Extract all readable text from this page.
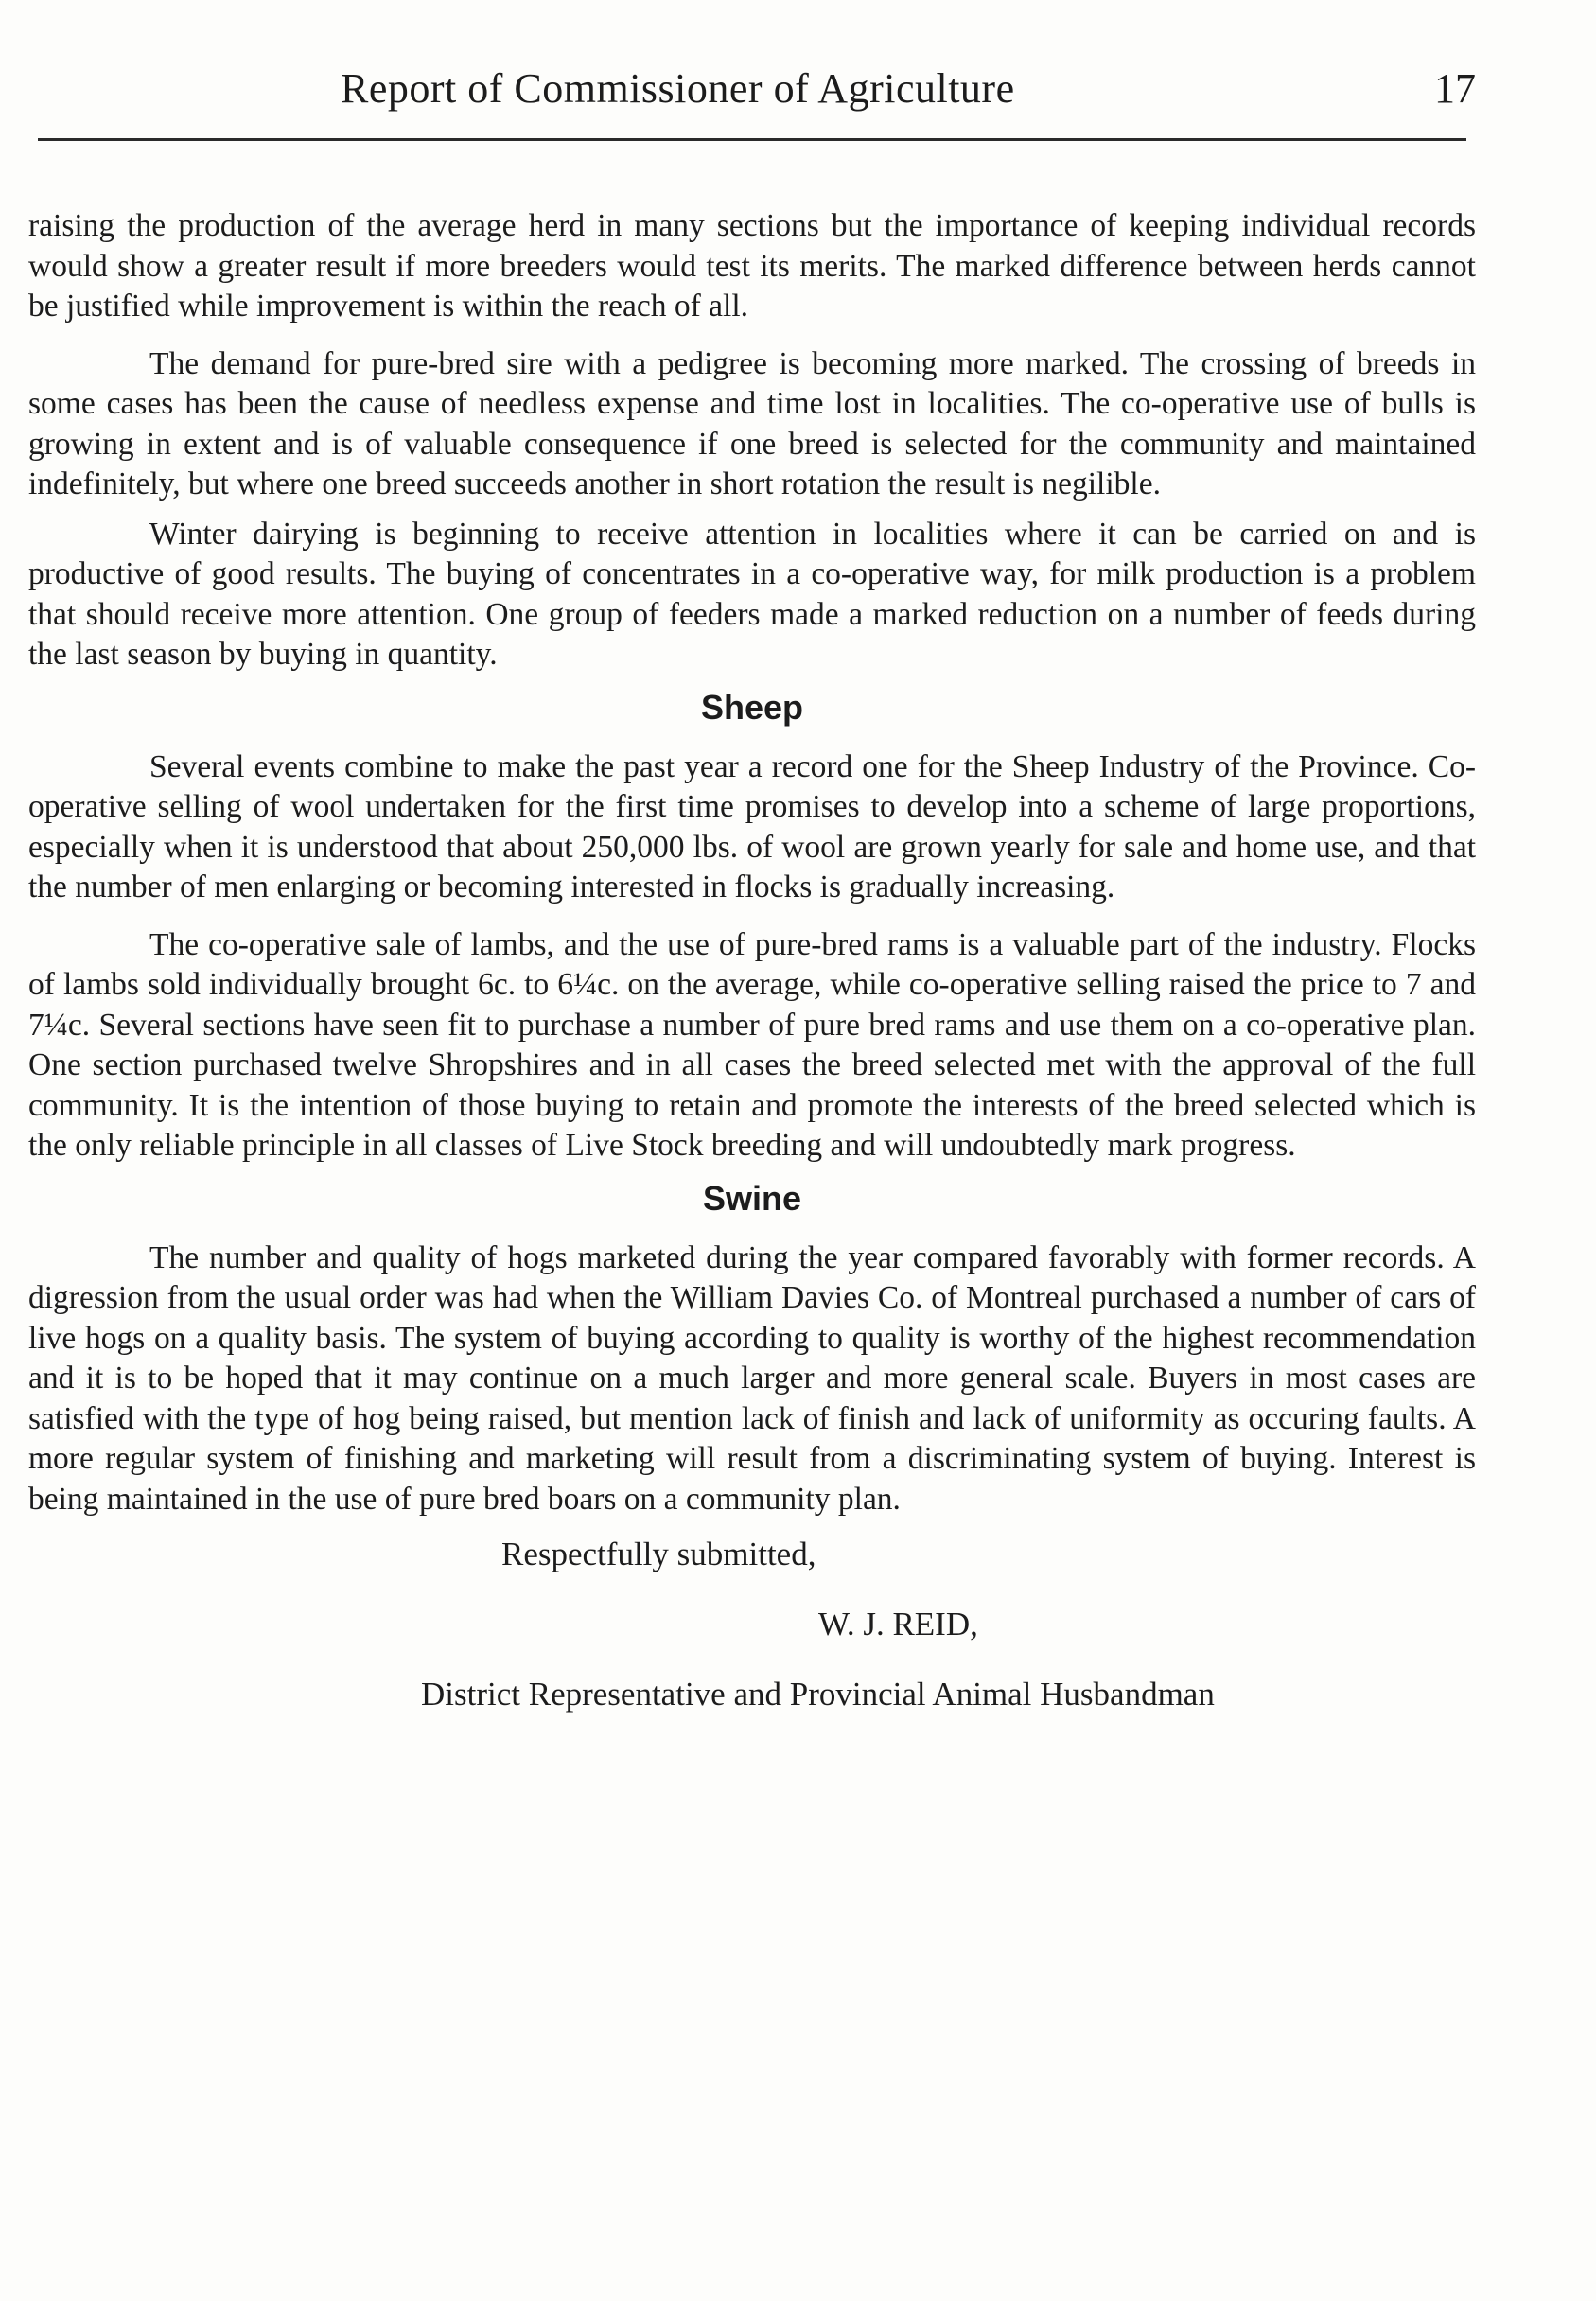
Report of Commissioner of Agriculture	17

raising the production of the average herd in many sections but the importance of keeping individual records would show a greater result if more breeders would test its merits. The marked difference between herds cannot be justified while improvement is within the reach of all.

The demand for pure-bred sire with a pedigree is becoming more marked. The crossing of breeds in some cases has been the cause of needless expense and time lost in localities. The co-operative use of bulls is growing in extent and is of valuable consequence if one breed is selected for the community and maintained indefinitely, but where one breed succeeds another in short rotation the result is negilible.

Winter dairying is beginning to receive attention in localities where it can be carried on and is productive of good results. The buying of concentrates in a co-operative way, for milk production is a problem that should receive more attention. One group of feeders made a marked reduction on a number of feeds during the last season by buying in quantity.

Sheep

Several events combine to make the past year a record one for the Sheep Industry of the Province. Co-operative selling of wool undertaken for the first time promises to develop into a scheme of large proportions, especially when it is understood that about 250,000 lbs. of wool are grown yearly for sale and home use, and that the number of men enlarging or becoming interested in flocks is gradually increasing.

The co-operative sale of lambs, and the use of pure-bred rams is a valuable part of the industry. Flocks of lambs sold individually brought 6c. to 6¼c. on the average, while co-operative selling raised the price to 7 and 7¼c. Several sections have seen fit to purchase a number of pure bred rams and use them on a co-operative plan. One section purchased twelve Shropshires and in all cases the breed selected met with the approval of the full community. It is the intention of those buying to retain and promote the interests of the breed selected which is the only reliable principle in all classes of Live Stock breeding and will undoubtedly mark progress.

Swine

The number and quality of hogs marketed during the year compared favorably with former records. A digression from the usual order was had when the William Davies Co. of Montreal purchased a number of cars of live hogs on a quality basis. The system of buying according to quality is worthy of the highest recommendation and it is to be hoped that it may continue on a much larger and more general scale. Buyers in most cases are satisfied with the type of hog being raised, but mention lack of finish and lack of uniformity as occuring faults. A more regular system of finishing and marketing will result from a discriminating system of buying. Interest is being maintained in the use of pure bred boars on a community plan.

Respectfully submitted,
W. J. REID,
District Representative and Provincial Animal Husbandman
